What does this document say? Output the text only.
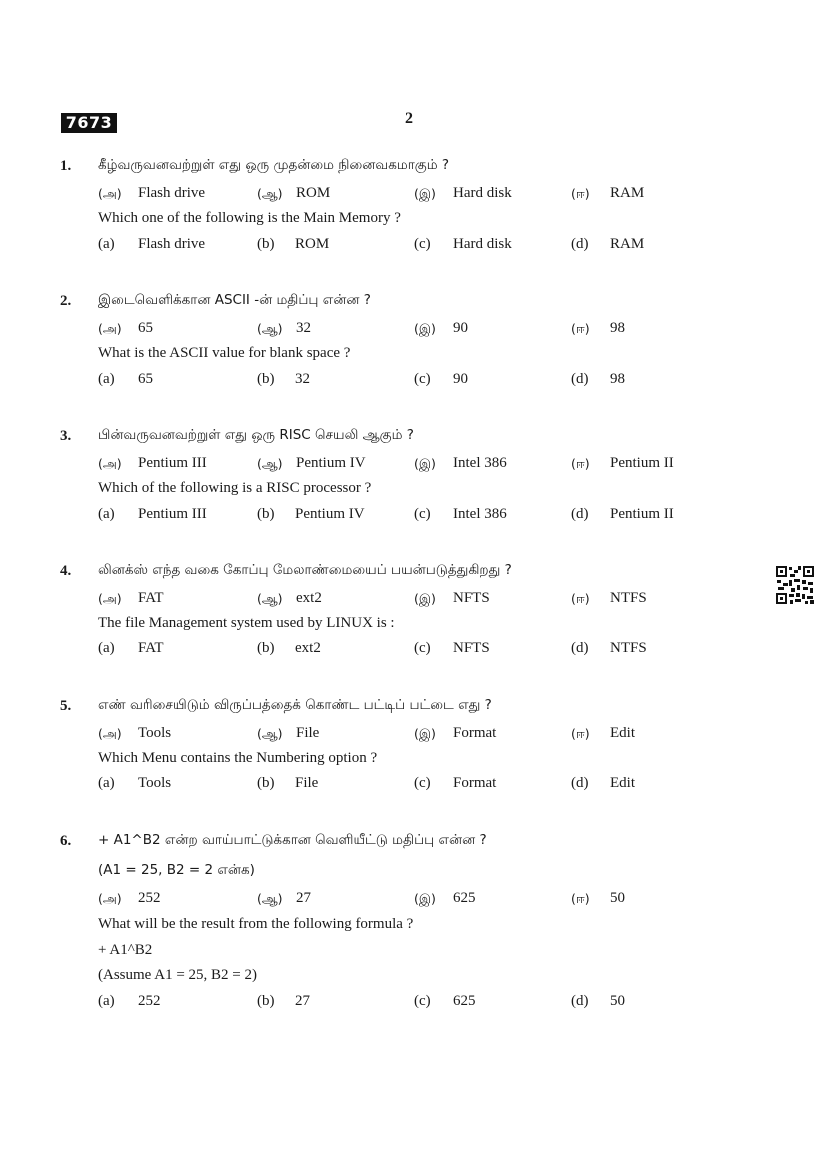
7673	2
1. கீழ்வருவனவற்றுள் எது ஒரு முதன்மை நினைவகமாகும் ?
(அ) Flash drive	(ஆ) ROM	(இ) Hard disk	(ஈ) RAM
Which one of the following is the Main Memory ?
(a) Flash drive	(b) ROM	(c) Hard disk	(d) RAM
2. இடைவெளிக்கான ASCII -ன் மதிப்பு என்ன ?
(அ) 65	(ஆ) 32	(இ) 90	(ஈ) 98
What is the ASCII value for blank space ?
(a) 65	(b) 32	(c) 90	(d) 98
3. பின்வருவனவற்றுள் எது ஒரு RISC செயலி ஆகும் ?
(அ) Pentium III	(ஆ) Pentium IV	(இ) Intel 386	(ஈ) Pentium II
Which of the following is a RISC processor ?
(a) Pentium III	(b) Pentium IV	(c) Intel 386	(d) Pentium II
4. லினக்ஸ் எந்த வகை கோப்பு மேலாண்மையைப் பயன்படுத்துகிறது ?
(அ) FAT	(ஆ) ext2	(இ) NFTS	(ஈ) NTFS
The file Management system used by LINUX is :
(a) FAT	(b) ext2	(c) NFTS	(d) NTFS
5. எண் வரிசையிடும் விருப்பத்தைக் கொண்ட பட்டிப் பட்டை எது ?
(அ) Tools	(ஆ) File	(இ) Format	(ஈ) Edit
Which Menu contains the Numbering option ?
(a) Tools	(b) File	(c) Format	(d) Edit
6. + A1^B2 என்ற வாய்பாட்டுக்கான வெளியீட்டு மதிப்பு என்ன ?
(A1 = 25, B2 = 2 என்க)
(அ) 252	(ஆ) 27	(இ) 625	(ஈ) 50
What will be the result from the following formula ?
+ A1^B2
(Assume A1 = 25, B2 = 2)
(a) 252	(b) 27	(c) 625	(d) 50
